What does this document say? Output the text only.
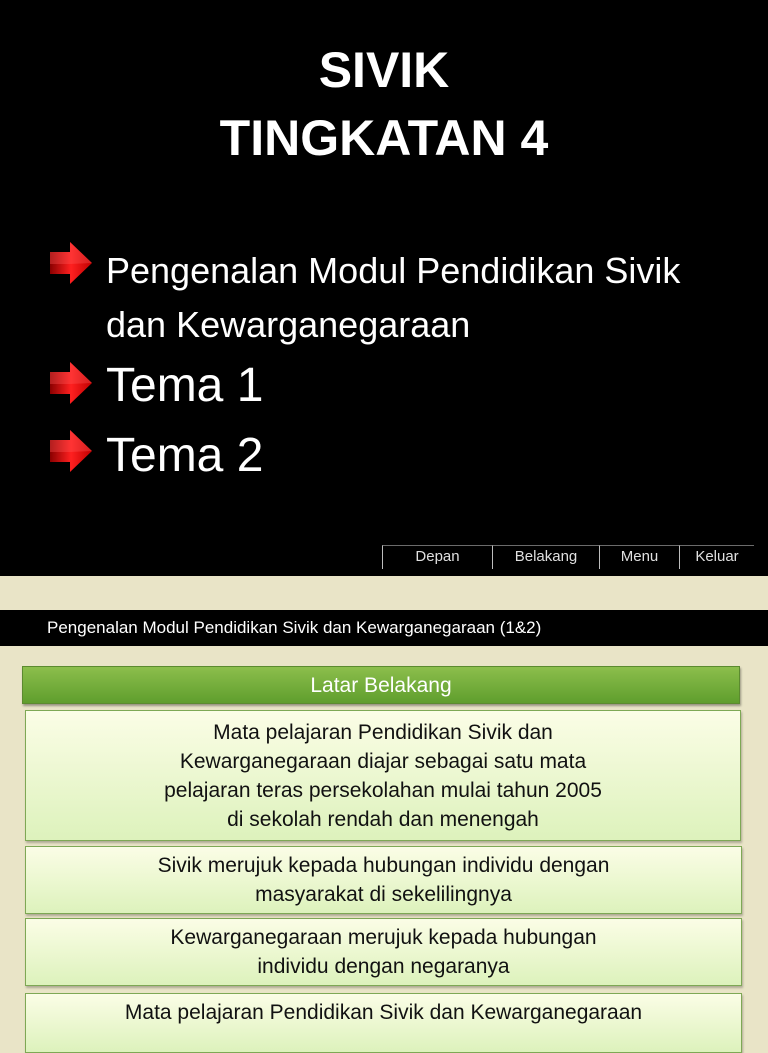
SIVIK
TINGKATAN 4
Pengenalan Modul Pendidikan Sivik dan Kewarganegaraan
Tema 1
Tema 2
Depan	Belakang	Menu	Keluar
Pengenalan Modul Pendidikan Sivik dan Kewarganegaraan (1&2)
Latar Belakang
Mata pelajaran Pendidikan Sivik dan
Kewarganegaraan diajar sebagai satu mata
pelajaran teras persekolahan mulai tahun 2005
di sekolah rendah dan menengah
Sivik merujuk kepada hubungan individu dengan
masyarakat di sekelilingnya
Kewarganegaraan merujuk kepada hubungan
individu dengan negaranya
Mata pelajaran Pendidikan Sivik dan Kewarganegaraan
